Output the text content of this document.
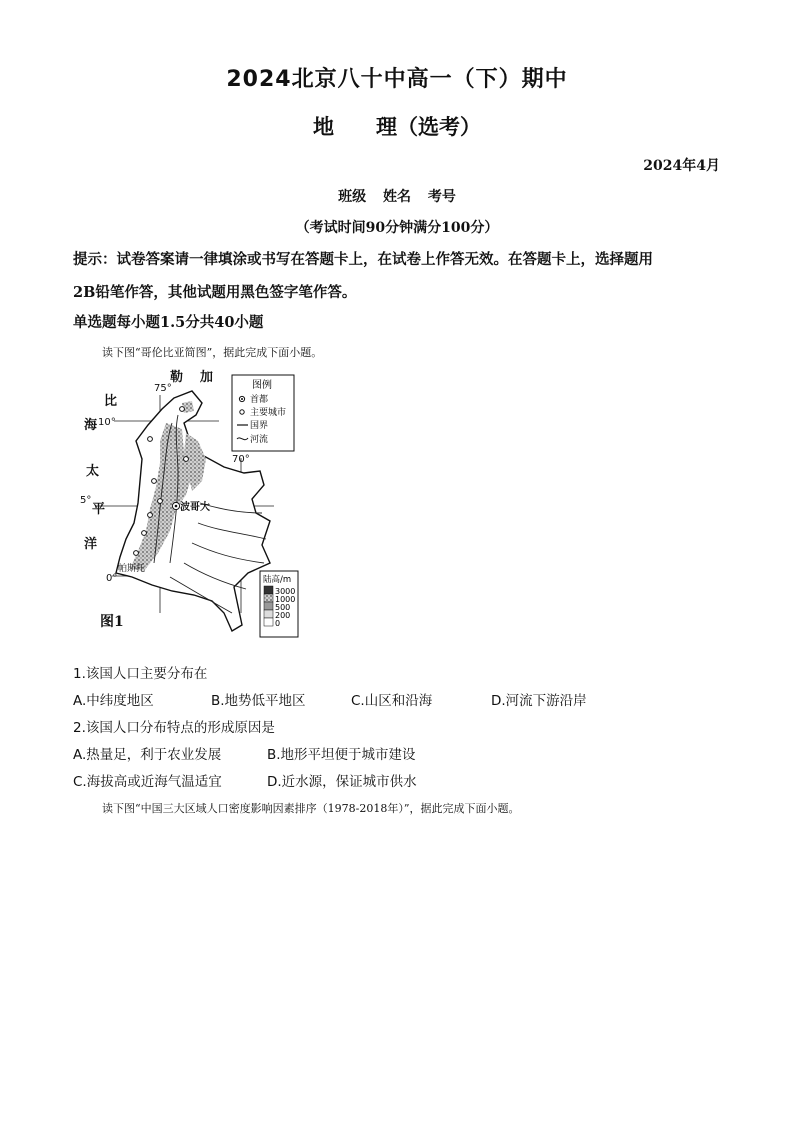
2024北京八十中高一（下）期中
地 理（选考）
2024年4月
班级 姓名 考号
（考试时间90分钟满分100分）
提示：试卷答案请一律填涂或书写在答题卡上，在试卷上作答无效。在答题卡上，选择题用
2B铅笔作答，其他试题用黑色签字笔作答。
单选题每小题1.5分共40小题
读下图“哥伦比亚简图”，据此完成下面小题。
75°
70°
10°
5°
0°
波哥大
加
勒
比
海
太
平
洋
帕斯托
图例
首都
主要城市
国界
河流
陆高/m
3000
1000
500
200
0
图1
1.该国人口主要分布在
A.中纬度地区	B.地势低平地区	C.山区和沿海	D.河流下游沿岸
2.该国人口分布特点的形成原因是
A.热量足，利于农业发展	B.地形平坦便于城市建设
C.海拔高或近海气温适宜	D.近水源，保证城市供水
读下图“中国三大区域人口密度影响因素排序（1978-2018年）”，据此完成下面小题。
